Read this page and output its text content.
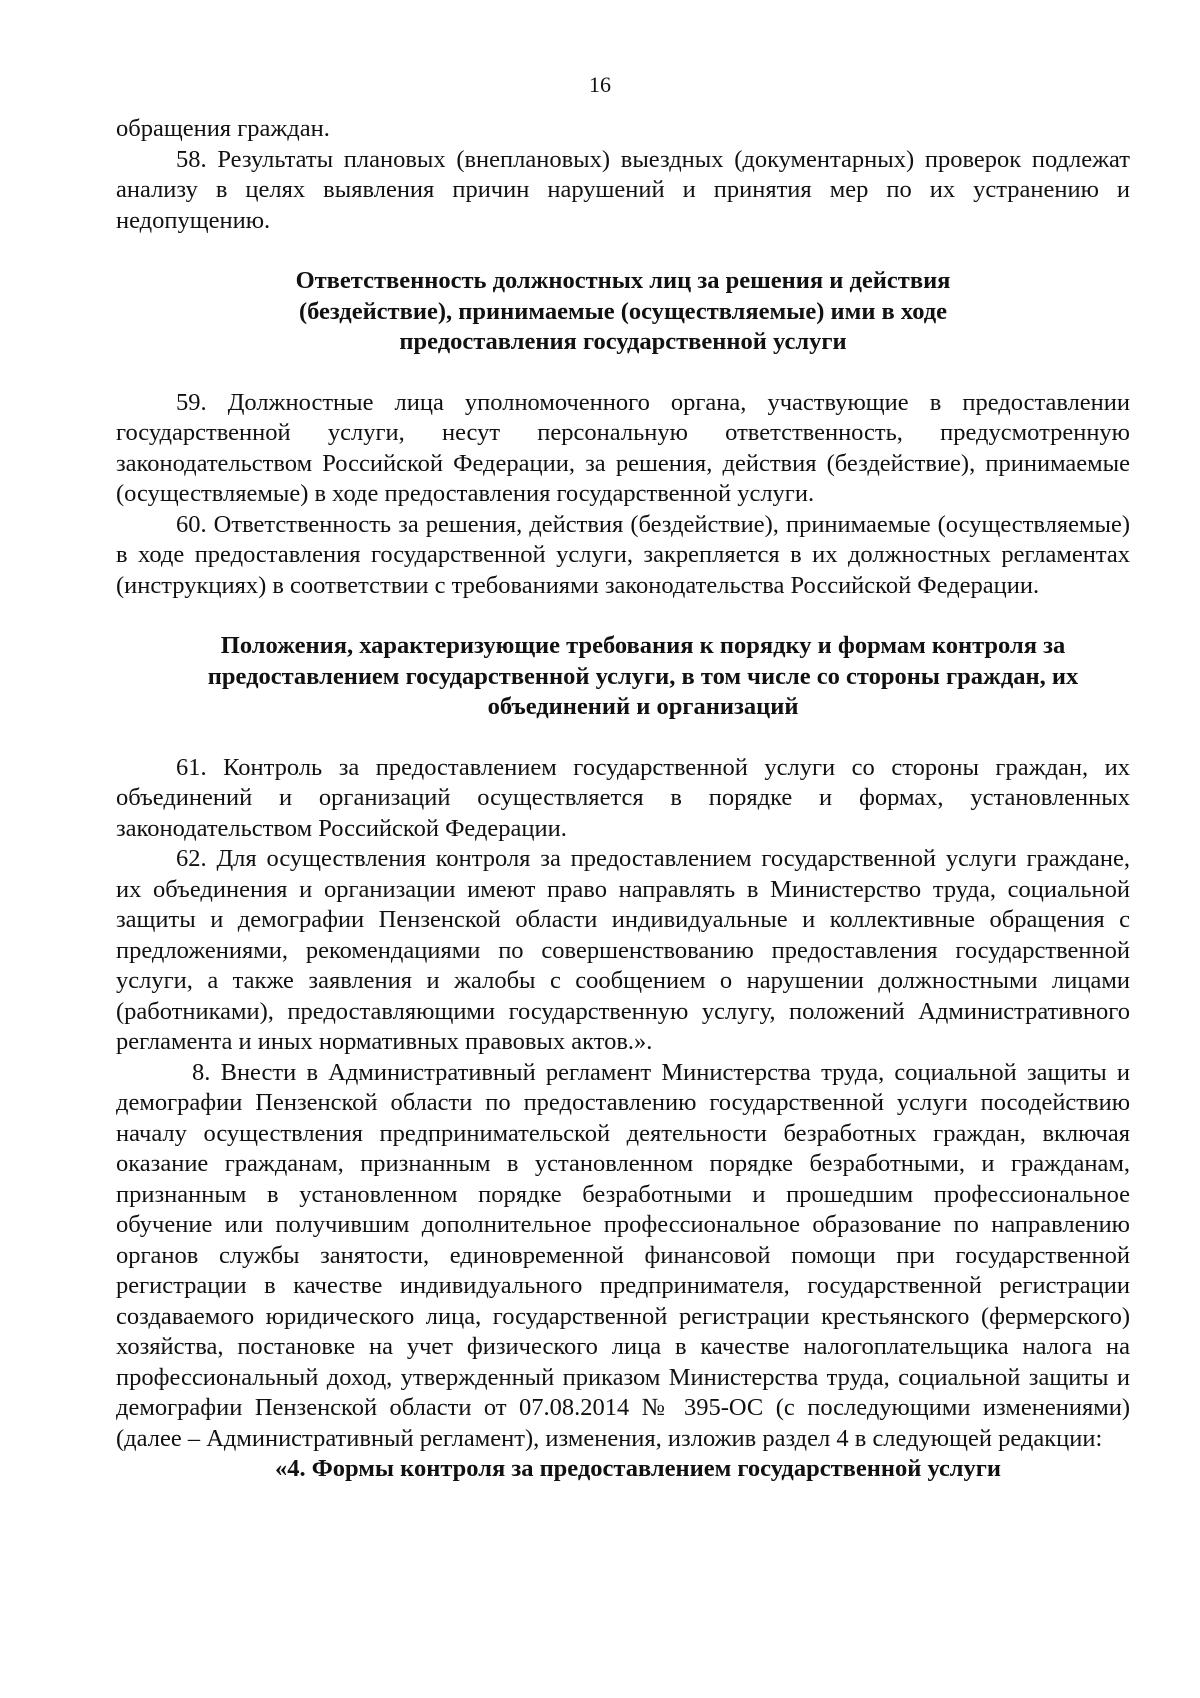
16

обращения граждан.

58. Результаты плановых (внеплановых) выездных (документарных) проверок подлежат анализу в целях выявления причин нарушений и принятия мер по их устранению и недопущению.

Ответственность должностных лиц за решения и действия
(бездействие), принимаемые (осуществляемые) ими в ходе
предоставления государственной услуги

59. Должностные лица уполномоченного органа, участвующие в предоставлении государственной услуги, несут персональную ответственность, предусмотренную законодательством Российской Федерации, за решения, действия (бездействие), принимаемые (осуществляемые) в ходе предоставления государственной услуги.

60. Ответственность за решения, действия (бездействие), принимаемые (осуществляемые) в ходе предоставления государственной услуги, закрепляется в их должностных регламентах (инструкциях) в соответствии с требованиями законодательства Российской Федерации.

Положения, характеризующие требования к порядку и формам контроля за
предоставлением государственной услуги, в том числе со стороны граждан, их
объединений и организаций

61. Контроль за предоставлением государственной услуги со стороны граждан, их объединений и организаций осуществляется в порядке и формах, установленных законодательством Российской Федерации.

62. Для осуществления контроля за предоставлением государственной услуги граждане, их объединения и организации имеют право направлять в Министерство труда, социальной защиты и демографии Пензенской области индивидуальные и коллективные обращения с предложениями, рекомендациями по совершенствованию предоставления государственной услуги, а также заявления и жалобы с сообщением о нарушении должностными лицами (работниками), предоставляющими государственную услугу, положений Административного регламента и иных нормативных правовых актов.».

8. Внести в Административный регламент Министерства труда, социальной защиты и демографии Пензенской области по предоставлению государственной услуги посодействию началу осуществления предпринимательской деятельности безработных граждан, включая оказание гражданам, признанным в установленном порядке безработными, и гражданам, признанным в установленном порядке безработными и прошедшим профессиональное обучение или получившим дополнительное профессиональное образование по направлению органов службы занятости, единовременной финансовой помощи при государственной регистрации в качестве индивидуального предпринимателя, государственной регистрации создаваемого юридического лица, государственной регистрации крестьянского (фермерского) хозяйства, постановке на учет физического лица в качестве налогоплательщика налога на профессиональный доход, утвержденный приказом Министерства труда, социальной защиты и демографии Пензенской области от 07.08.2014 № 395-ОС (с последующими изменениями) (далее – Административный регламент), изменения, изложив раздел 4 в следующей редакции:

«4. Формы контроля за предоставлением государственной услуги
